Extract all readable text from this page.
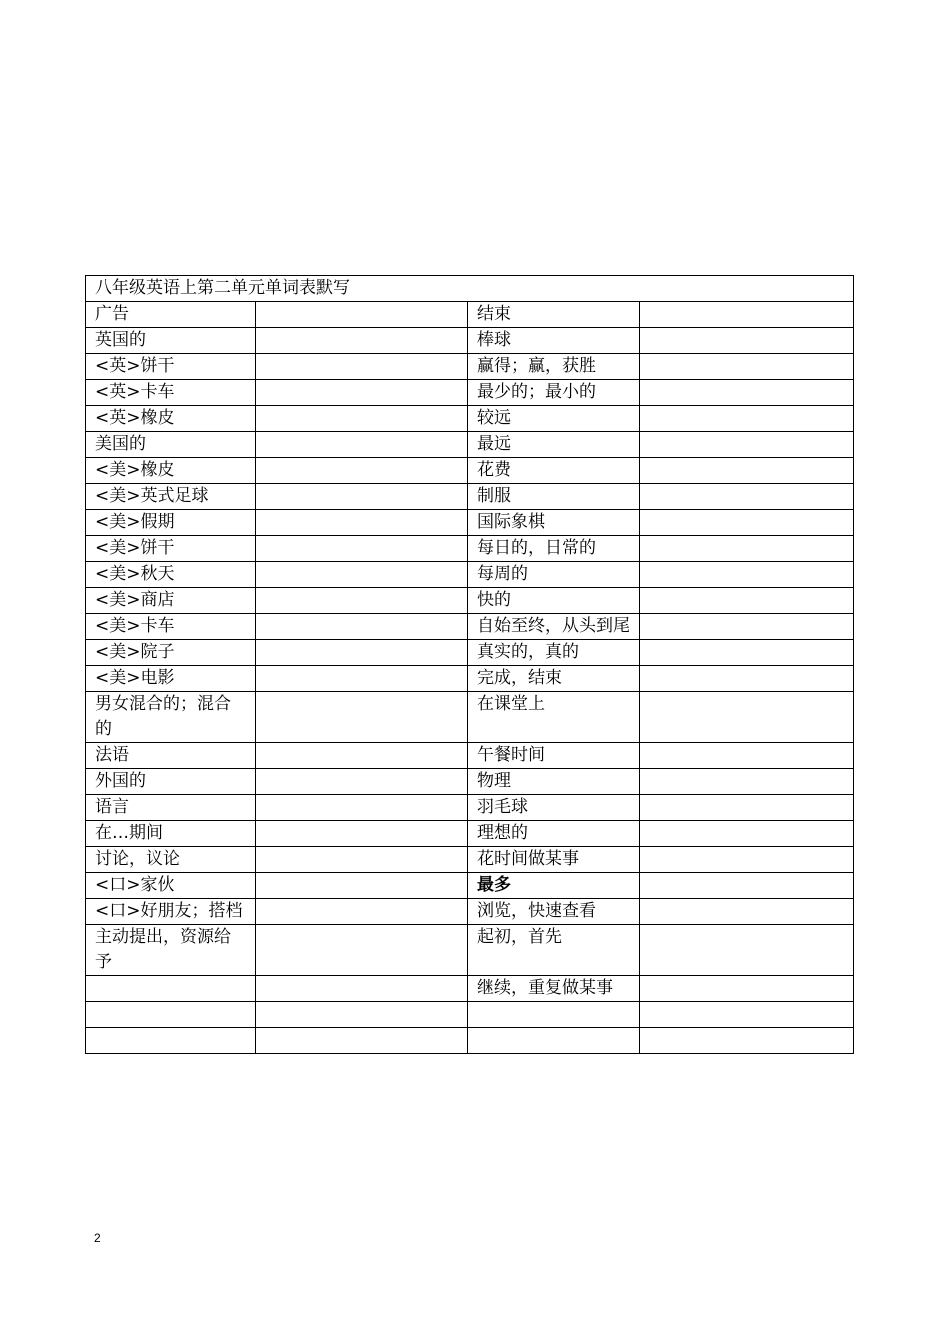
八年级英语上第二单元单词表默写			
广告		结束	
英国的		棒球	
<英>饼干		赢得；赢，获胜	
<英>卡车		最少的；最小的	
<英>橡皮		较远	
美国的		最远	
<美>橡皮		花费	
<美>英式足球		制服	
<美>假期		国际象棋	
<美>饼干		每日的，日常的	
<美>秋天		每周的	
<美>商店		快的	
<美>卡车		自始至终，从头到尾	
<美>院子		真实的，真的	
<美>电影		完成，结束	
男女混合的；混合的		在课堂上	
法语		午餐时间	
外国的		物理	
语言		羽毛球	
在…期间		理想的	
讨论，议论		花时间做某事	
<口>家伙		最多	
<口>好朋友；搭档		浏览，快速查看	
主动提出，资源给予		起初，首先	
		继续，重复做某事	

2
